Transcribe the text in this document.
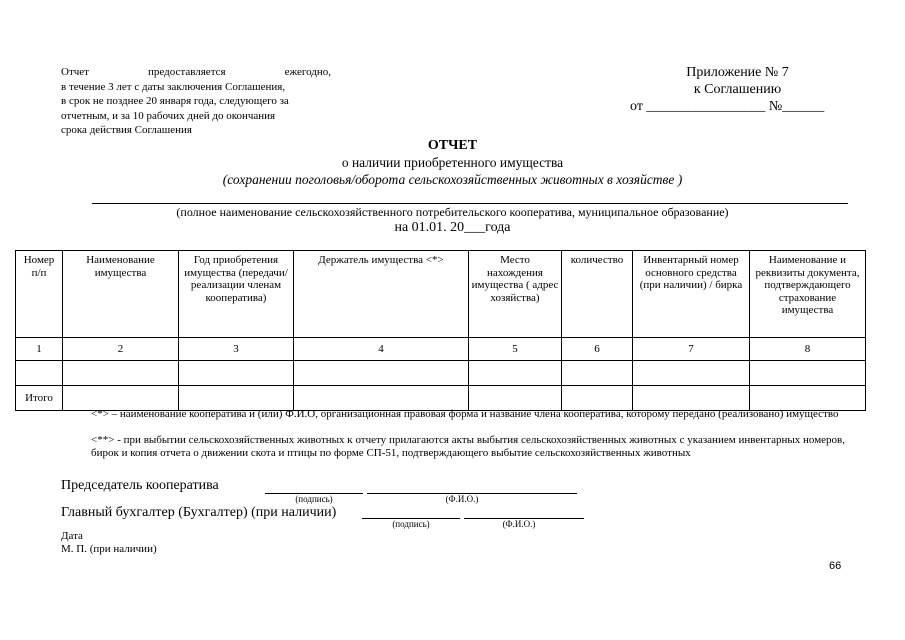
Отчет предоставляется ежегодно,
в течение 3 лет с даты заключения Соглашения,
в срок не позднее 20 января года, следующего за
отчетным, и за 10 рабочих дней до окончания
срока действия Соглашения
Приложение № 7
к Соглашению
от _________________ №______
ОТЧЕТ
о наличии приобретенного имущества
(сохранении поголовья/оборота сельскохозяйственных животных в хозяйстве )
(полное наименование сельскохозяйственного потребительского кооператива, муниципальное образование)
на 01.01. 20___года
Номер п/п	Наименование имущества	Год приобретения имущества (передачи/реализации членам кооператива)	Держатель имущества <*>	Место нахождения имущества ( адрес хозяйства)	количество	Инвентарный номер основного средства (при наличии) / бирка	Наименование и реквизиты документа, подтверждающего страхование имущества
1	2	3	4	5	6	7	8

Итого							
<*> – наименование кооператива и (или) Ф.И.О, организационная правовая форма и название члена кооператива, которому передано (реализовано) имущество
<**> - при выбытии сельскохозяйственных животных к отчету прилагаются акты выбытия сельскохозяйственных животных с указанием инвентарных номеров, бирок и копия отчета о движении скота и птицы по форме СП-51, подтверждающего выбытие сельскохозяйственных животных
Председатель кооператива
(подпись)	(Ф.И.О.)
Главный бухгалтер (Бухгалтер) (при наличии)
(подпись)	(Ф.И.О.)
Дата
М. П. (при наличии)
66
